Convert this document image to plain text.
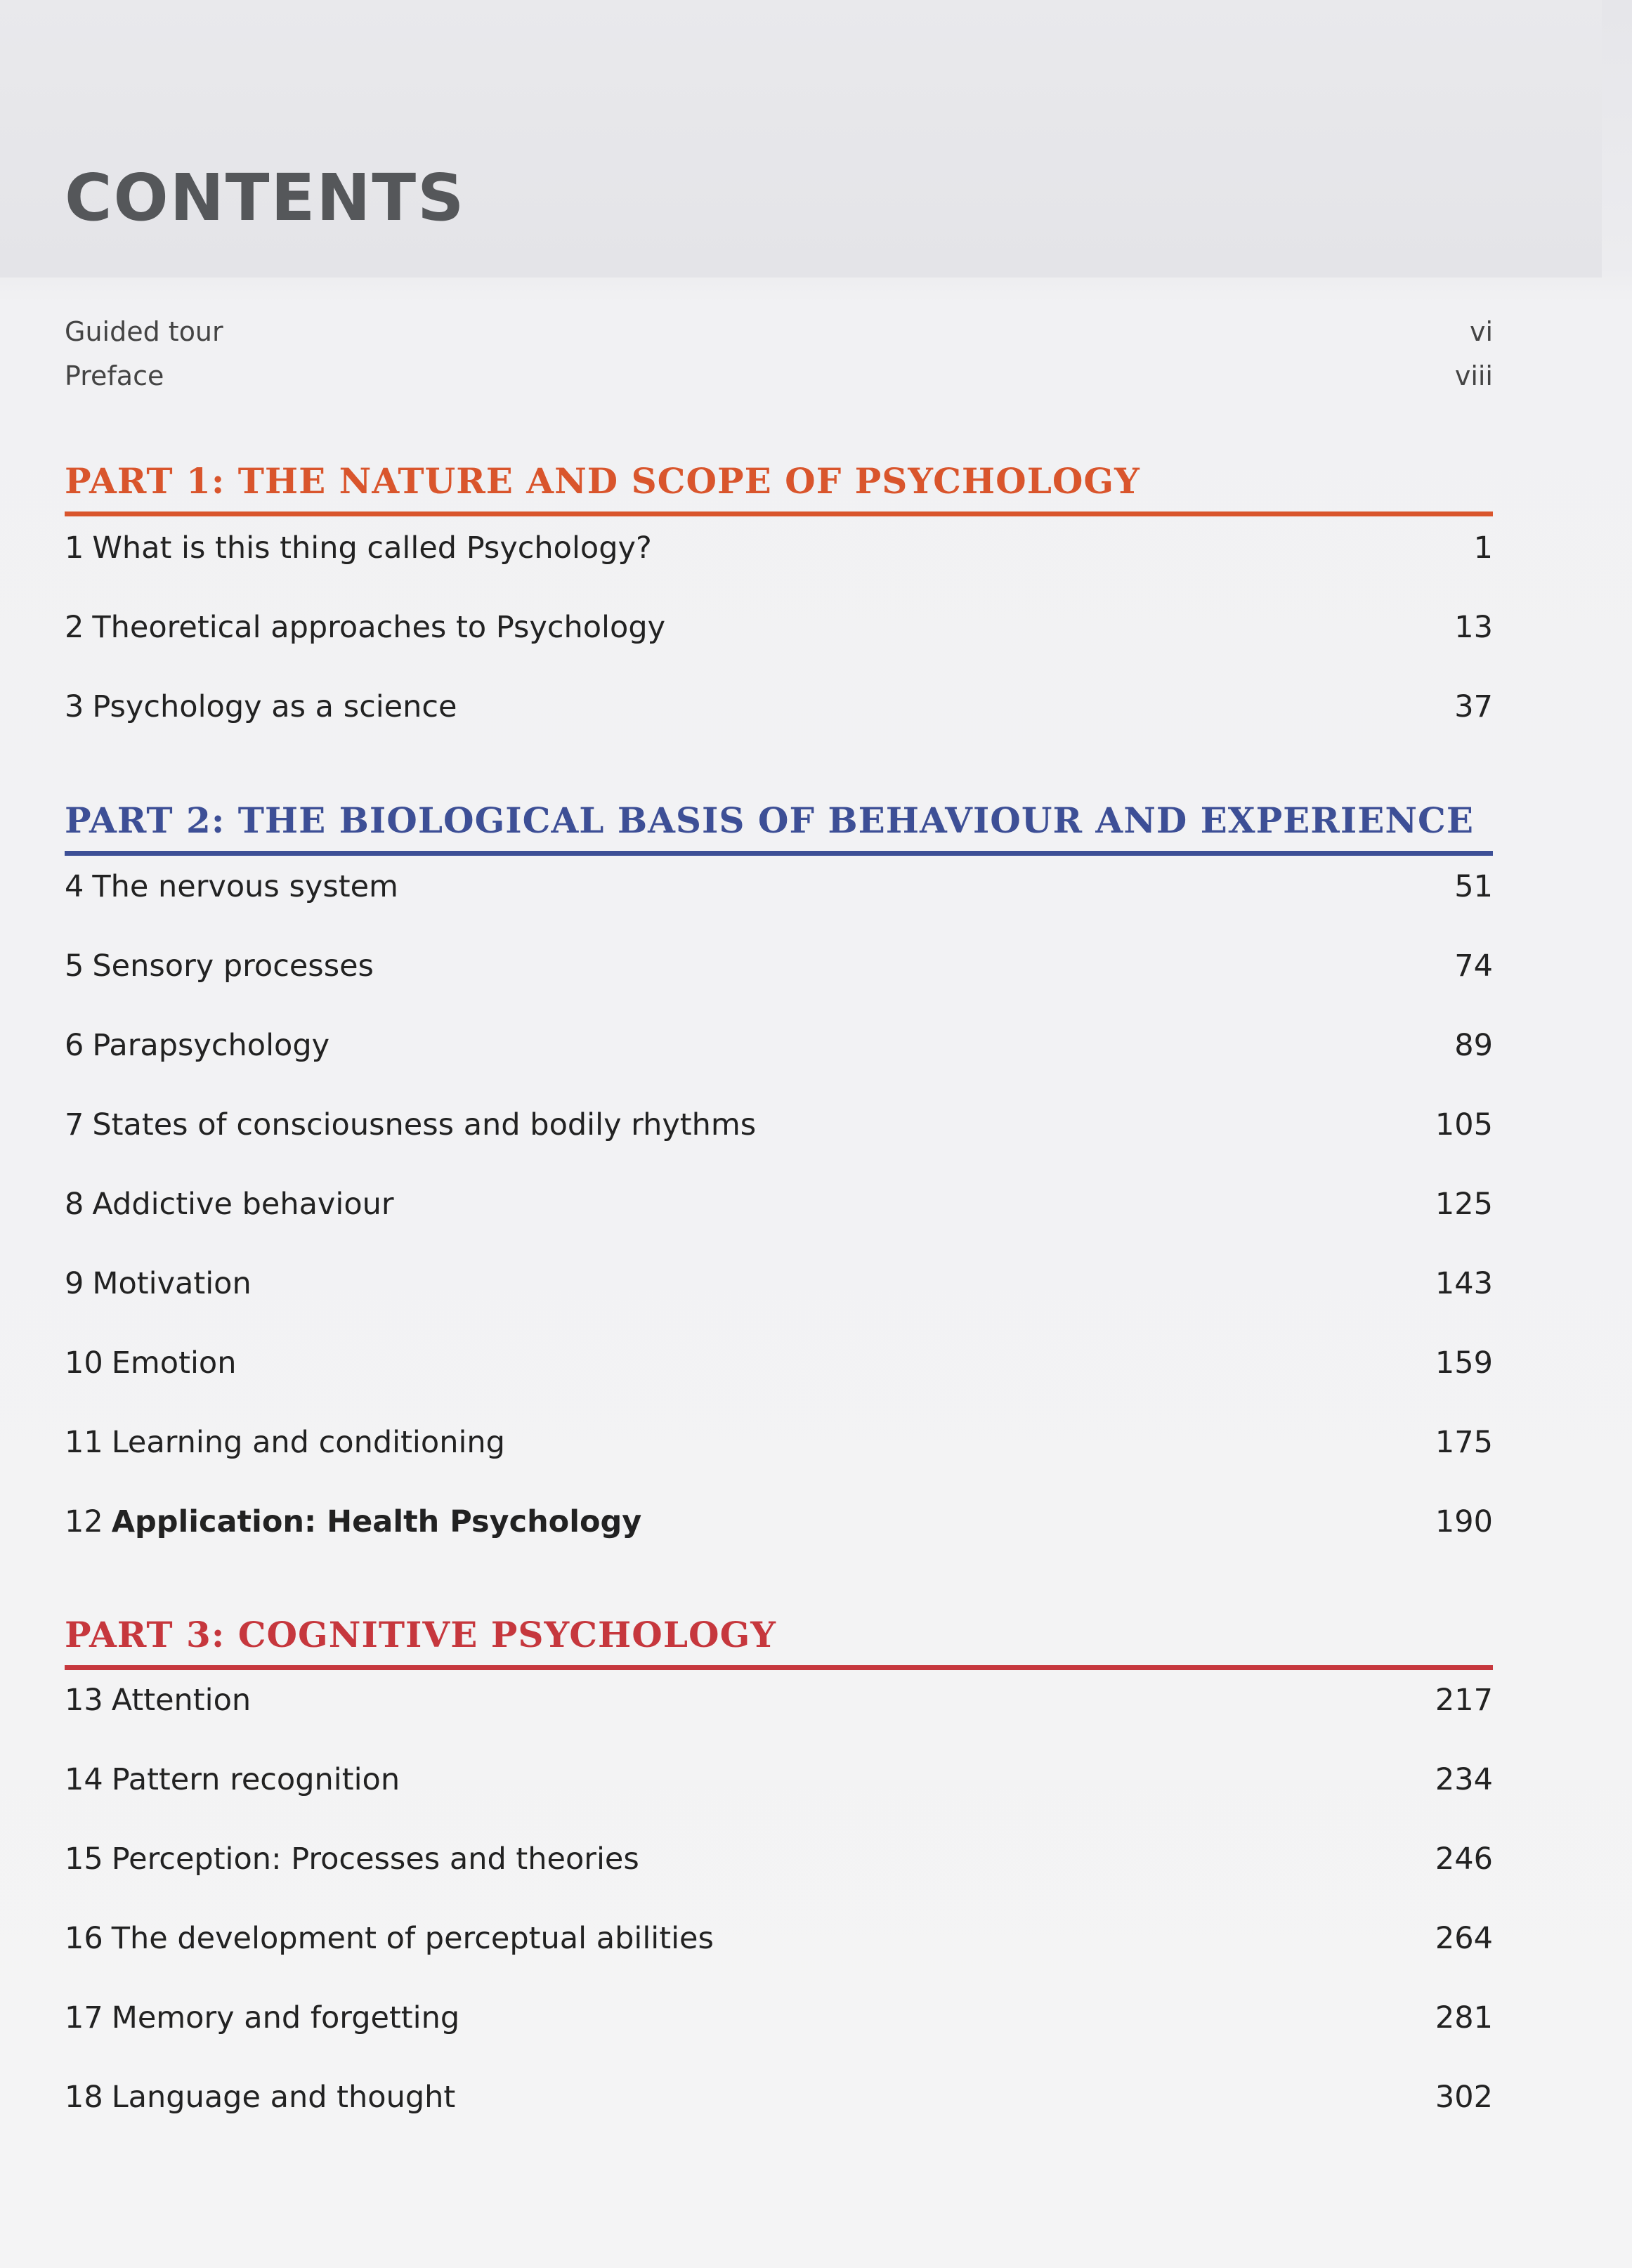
CONTENTS
Guided tour	vi
Preface	viii
PART 1: THE NATURE AND SCOPE OF PSYCHOLOGY
1 What is this thing called Psychology?	1
2 Theoretical approaches to Psychology	13
3 Psychology as a science	37
PART 2: THE BIOLOGICAL BASIS OF BEHAVIOUR AND EXPERIENCE
4 The nervous system	51
5 Sensory processes	74
6 Parapsychology	89
7 States of consciousness and bodily rhythms	105
8 Addictive behaviour	125
9 Motivation	143
10 Emotion	159
11 Learning and conditioning	175
12 Application: Health Psychology	190
PART 3: COGNITIVE PSYCHOLOGY
13 Attention	217
14 Pattern recognition	234
15 Perception: Processes and theories	246
16 The development of perceptual abilities	264
17 Memory and forgetting	281
18 Language and thought	302
